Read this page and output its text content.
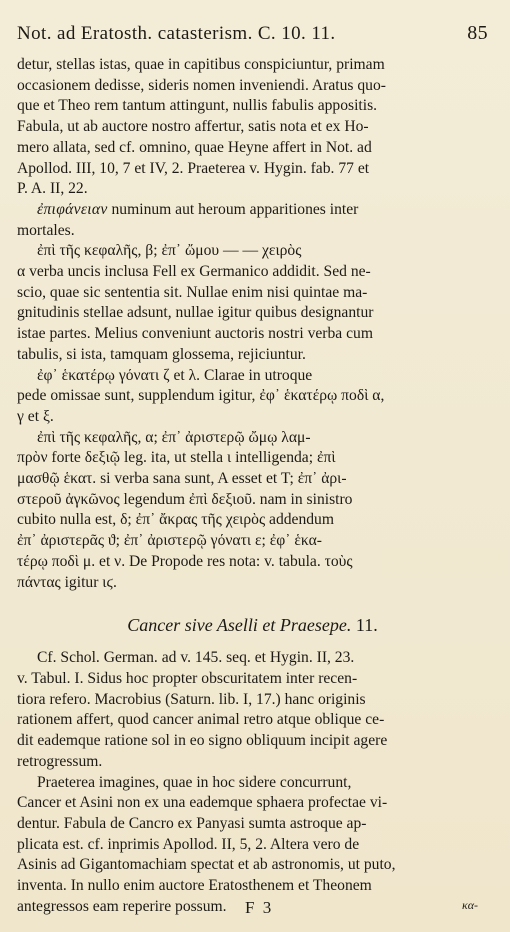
Not. ad Eratosth. catasterism. C. 10. 11.	85
detur, stellas istas, quae in capitibus conspiciuntur, primam
occasionem dedisse, sideris nomen inveniendi. Aratus quo-
que et Theo rem tantum attingunt, nullis fabulis appositis.
Fabula, ut ab auctore nostro affertur, satis nota et ex Ho-
mero allata, sed cf. omnino, quae Heyne affert in Not. ad
Apollod. III, 10, 7 et IV, 2. Praeterea v. Hygin. fab. 77 et
P. A. II, 22.
ἐπιφάνειαν numinum aut heroum apparitiones inter
mortales.
ἐπὶ τῆς κεφαλῆς, β; ἐπ᾽ ὤμου — — χειρὸς
α verba uncis inclusa Fell ex Germanico addidit. Sed ne-
scio, quae sic sententia sit. Nullae enim nisi quintae ma-
gnitudinis stellae adsunt, nullae igitur quibus designantur
istae partes. Melius conveniunt auctoris nostri verba cum
tabulis, si ista, tamquam glossema, rejiciuntur.
ἐφ᾽ ἑκατέρῳ γόνατι ζ et λ. Clarae in utroque
pede omissae sunt, supplendum igitur, ἐφ᾽ ἑκατέρῳ ποδὶ α,
γ et ξ.
ἐπὶ τῆς κεφαλῆς, α; ἐπ᾽ ἀριστερῷ ὤμῳ λαμ-
πρὸν forte δεξιῷ leg. ita, ut stella ι intelligenda; ἐπὶ
μασθῷ ἑκατ. si verba sana sunt, A esset et T; ἐπ᾽ ἀρι-
στεροῦ ἀγκῶνος legendum ἐπὶ δεξιοῦ. nam in sinistro
cubito nulla est, δ; ἐπ᾽ ἄκρας τῆς χειρὸς addendum
ἐπ᾽ ἀριστερᾶς ϑ; ἐπ᾽ ἀριστερῷ γόνατι ε; ἐφ᾽ ἑκα-
τέρῳ ποδὶ μ. et ν. De Propode res nota: v. tabula. τοὺς
πάντας igitur ιϛ.
Cancer sive Aselli et Praesepe. 11.
Cf. Schol. German. ad v. 145. seq. et Hygin. II, 23.
v. Tabul. I. Sidus hoc propter obscuritatem inter recen-
tiora refero. Macrobius (Saturn. lib. I, 17.) hanc originis
rationem affert, quod cancer animal retro atque oblique ce-
dit eademque ratione sol in eo signo obliquum incipit agere
retrogressum.
Praeterea imagines, quae in hoc sidere concurrunt,
Cancer et Asini non ex una eademque sphaera profectae vi-
dentur. Fabula de Cancro ex Panyasi sumta astroque ap-
plicata est. cf. inprimis Apollod. II, 5, 2. Altera vero de
Asinis ad Gigantomachiam spectat et ab astronomis, ut puto,
inventa. In nullo enim auctore Eratosthenem et Theonem
antegressos eam reperire possum.	F 3	κα-
